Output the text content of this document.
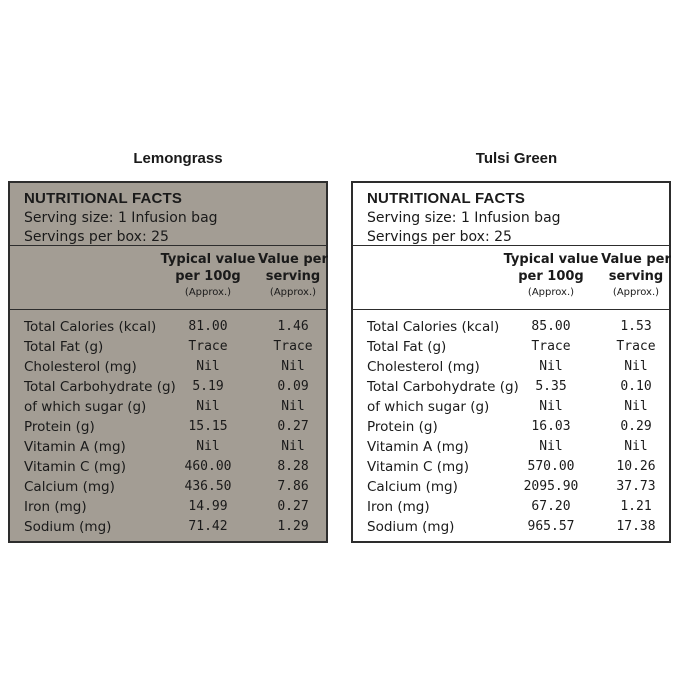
Lemongrass
NUTRITIONAL FACTS
Serving size: 1 Infusion bag
Servings per box: 25
Typical value
per 100g
(Approx.)
Value per
serving
(Approx.)
Total Calories (kcal)	81.00	1.46
Total Fat (g)	Trace	Trace
Cholesterol (mg)	Nil	Nil
Total Carbohydrate (g)	5.19	0.09
of which sugar (g)	Nil	Nil
Protein (g)	15.15	0.27
Vitamin A (mg)	Nil	Nil
Vitamin C (mg)	460.00	8.28
Calcium (mg)	436.50	7.86
Iron (mg)	14.99	0.27
Sodium (mg)	71.42	1.29
Tulsi Green
NUTRITIONAL FACTS
Serving size: 1 Infusion bag
Servings per box: 25
Typical value
per 100g
(Approx.)
Value per
serving
(Approx.)
Total Calories (kcal)	85.00	1.53
Total Fat (g)	Trace	Trace
Cholesterol (mg)	Nil	Nil
Total Carbohydrate (g)	5.35	0.10
of which sugar (g)	Nil	Nil
Protein (g)	16.03	0.29
Vitamin A (mg)	Nil	Nil
Vitamin C (mg)	570.00	10.26
Calcium (mg)	2095.90	37.73
Iron (mg)	67.20	1.21
Sodium (mg)	965.57	17.38
